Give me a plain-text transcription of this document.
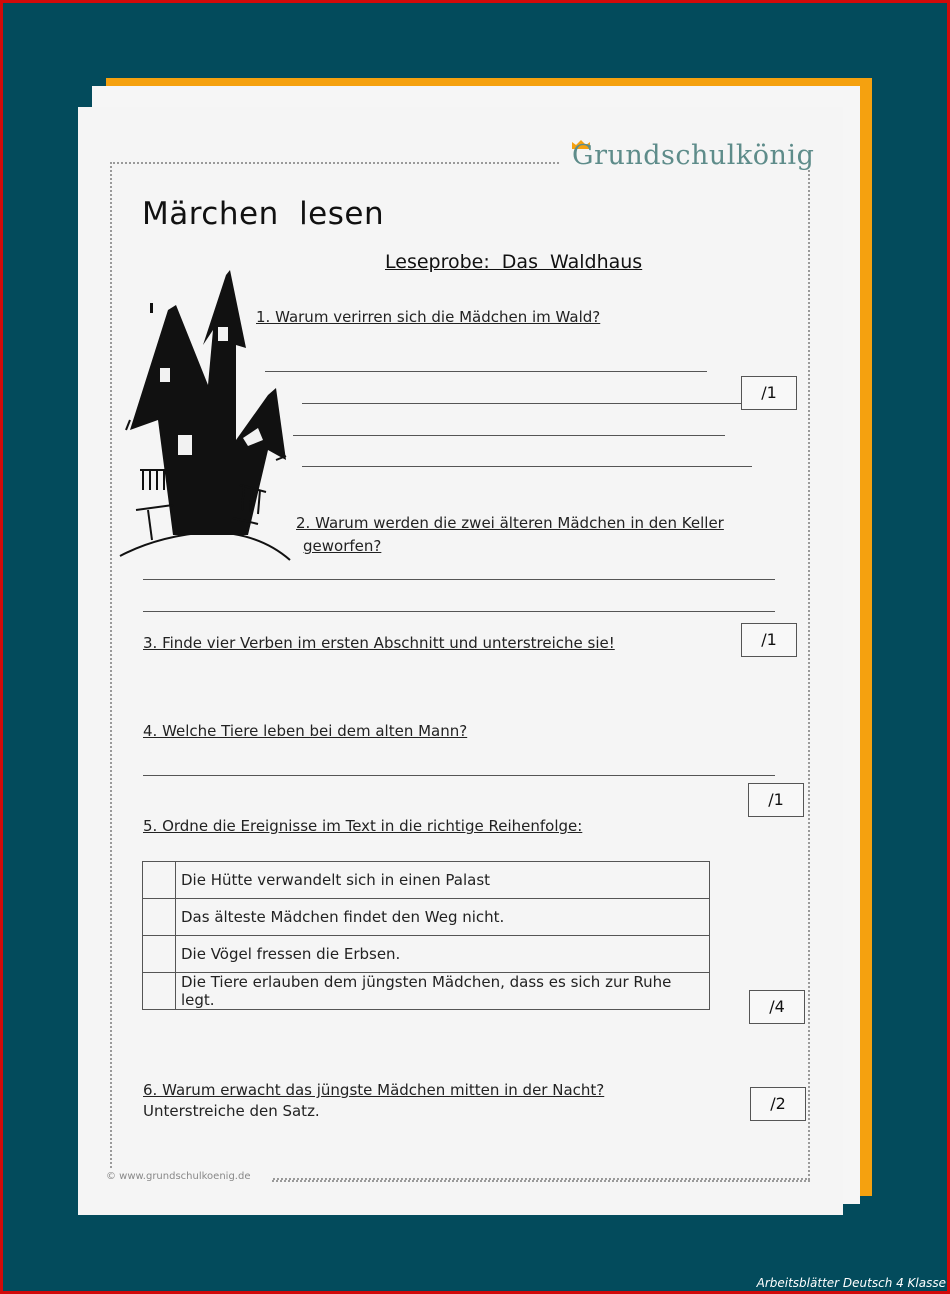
Grundschulkönig
Märchen lesen
Leseprobe: Das Waldhaus
1. Warum verirren sich die Mädchen im Wald?
/1
2. Warum werden die zwei älteren Mädchen in den Keller
geworfen?
3. Finde vier Verben im ersten Abschnitt und unterstreiche sie!	/1
4. Welche Tiere leben bei dem alten Mann?
/1
5. Ordne die Ereignisse im Text in die richtige Reihenfolge:
	Die Hütte verwandelt sich in einen Palast
	Das älteste Mädchen findet den Weg nicht.
	Die Vögel fressen die Erbsen.
	Die Tiere erlauben dem jüngsten Mädchen, dass es sich zur Ruhe legt.	/4
6. Warum erwacht das jüngste Mädchen mitten in der Nacht?
Unterstreiche den Satz.	/2
© www.grundschulkoenig.de
Arbeitsblätter Deutsch 4 Klasse
